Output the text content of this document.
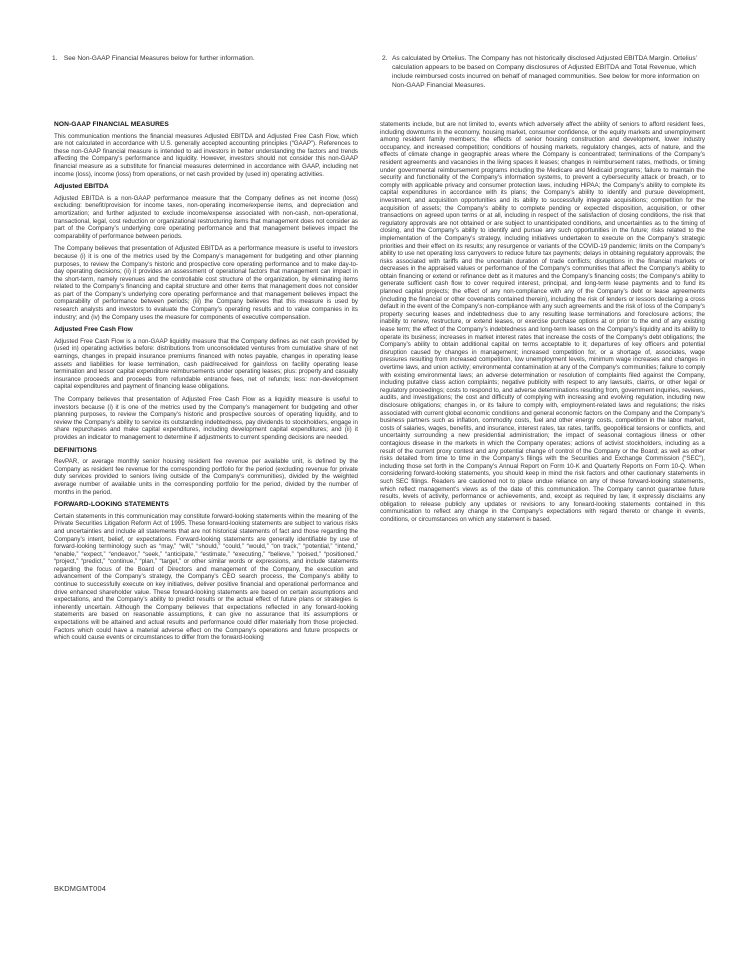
1. See Non-GAAP Financial Measures below for further information.	2. As calculated by Ortelius. The Company has not historically disclosed Adjusted EBITDA Margin. Ortelius’ calculation appears to be based on Company disclosures of Adjusted EBITDA and Total Revenue, which include reimbursed costs incurred on behalf of managed communities. See below for more information on Non-GAAP Financial Measures.
NON-GAAP FINANCIAL MEASURES
This communication mentions the financial measures Adjusted EBITDA and Adjusted Free Cash Flow, which are not calculated in accordance with U.S. generally accepted accounting principles (“GAAP”). References to these non-GAAP financial measure is intended to aid investors in better understanding the factors and trends affecting the Company’s performance and liquidity. However, investors should not consider this non-GAAP financial measure as a substitute for financial measures determined in accordance with GAAP, including net income (loss), income (loss) from operations, or net cash provided by (used in) operating activities.
Adjusted EBITDA
Adjusted EBITDA is a non-GAAP performance measure that the Company defines as net income (loss) excluding: benefit/provision for income taxes, non-operating income/expense items, and depreciation and amortization; and further adjusted to exclude income/expense associated with non-cash, non-operational, transactional, legal, cost reduction or organizational restructuring items that management does not consider as part of the Company’s underlying core operating performance and that management believes impact the comparability of performance between periods.
The Company believes that presentation of Adjusted EBITDA as a performance measure is useful to investors because (i) it is one of the metrics used by the Company’s management for budgeting and other planning purposes, to review the Company’s historic and prospective core operating performance and to make day-to-day operating decisions; (ii) it provides an assessment of operational factors that management can impact in the short-term, namely revenues and the controllable cost structure of the organization, by eliminating items related to the Company’s financing and capital structure and other items that management does not consider as part of the Company’s underlying core operating performance and that management believes impact the comparability of performance between periods; (iii) the Company believes that this measure is used by research analysts and investors to evaluate the Company’s operating results and to value companies in its industry; and (iv) the Company uses the measure for components of executive compensation.
Adjusted Free Cash Flow
Adjusted Free Cash Flow is a non-GAAP liquidity measure that the Company defines as net cash provided by (used in) operating activities before: distributions from unconsolidated ventures from cumulative share of net earnings, changes in prepaid insurance premiums financed with notes payable, changes in operating lease assets and liabilities for lease termination, cash paid/received for gain/loss on facility operating lease termination and lessor capital expenditure reimbursements under operating leases; plus: property and casualty insurance proceeds and proceeds from refundable entrance fees, net of refunds; less: non-development capital expenditures and payment of financing lease obligations.
The Company believes that presentation of Adjusted Free Cash Flow as a liquidity measure is useful to investors because (i) it is one of the metrics used by the Company’s management for budgeting and other planning purposes, to review the Company’s historic and prospective sources of operating liquidity, and to review the Company’s ability to service its outstanding indebtedness, pay dividends to stockholders, engage in share repurchases and make capital expenditures, including development capital expenditures; and (ii) it provides an indicator to management to determine if adjustments to current spending decisions are needed.
DEFINITIONS
RevPAR, or average monthly senior housing resident fee revenue per available unit, is defined by the Company as resident fee revenue for the corresponding portfolio for the period (excluding revenue for private duty services provided to seniors living outside of the Company’s communities), divided by the weighted average number of available units in the corresponding portfolio for the period, divided by the number of months in the period.
FORWARD-LOOKING STATEMENTS
Certain statements in this communication may constitute forward-looking statements within the meaning of the Private Securities Litigation Reform Act of 1995. These forward-looking statements are subject to various risks and uncertainties and include all statements that are not historical statements of fact and those regarding the Company’s intent, belief, or expectations. Forward-looking statements are generally identifiable by use of forward-looking terminology such as “may,” “will,” “should,” “could,” “would,” “on track,” “potential,” “intend,” “enable,” “expect,” “endeavor,” “seek,” “anticipate,” “estimate,” “executing,” “believe,” “poised,” “positioned,” “project,” “predict,” “continue,” “plan,” “target,” or other similar words or expressions, and include statements regarding the focus of the Board of Directors and management of the Company, the execution and advancement of the Company’s strategy, the Company’s CEO search process, the Company’s ability to continue to successfully execute on key initiatives, deliver positive financial and operational performance and drive enhanced shareholder value. These forward-looking statements are based on certain assumptions and expectations, and the Company’s ability to predict results or the actual effect of future plans or strategies is inherently uncertain. Although the Company believes that expectations reflected in any forward-looking statements are based on reasonable assumptions, it can give no assurance that its assumptions or expectations will be attained and actual results and performance could differ materially from those projected. Factors which could have a material adverse effect on the Company’s operations and future prospects or which could cause events or circumstances to differ from the forward-looking
statements include, but are not limited to, events which adversely affect the ability of seniors to afford resident fees, including downturns in the economy, housing market, consumer confidence, or the equity markets and unemployment among resident family members; the effects of senior housing construction and development, lower industry occupancy, and increased competition; conditions of housing markets, regulatory changes, acts of nature, and the effects of climate change in geographic areas where the Company is concentrated; terminations of the Company’s resident agreements and vacancies in the living spaces it leases; changes in reimbursement rates, methods, or timing under governmental reimbursement programs including the Medicare and Medicaid programs; failure to maintain the security and functionality of the Company’s information systems, to prevent a cybersecurity attack or breach, or to comply with applicable privacy and consumer protection laws, including HIPAA; the Company’s ability to complete its capital expenditures in accordance with its plans; the Company’s ability to identify and pursue development, investment, and acquisition opportunities and its ability to successfully integrate acquisitions; competition for the acquisition of assets; the Company’s ability to complete pending or expected disposition, acquisition, or other transactions on agreed upon terms or at all, including in respect of the satisfaction of closing conditions, the risk that regulatory approvals are not obtained or are subject to unanticipated conditions, and uncertainties as to the timing of closing, and the Company’s ability to identify and pursue any such opportunities in the future; risks related to the implementation of the Company’s strategy, including initiatives undertaken to execute on the Company’s strategic priorities and their effect on its results; any resurgence or variants of the COVID-19 pandemic; limits on the Company’s ability to use net operating loss carryovers to reduce future tax payments; delays in obtaining regulatory approvals; the risks associated with tariffs and the uncertain duration of trade conflicts; disruptions in the financial markets or decreases in the appraised values or performance of the Company’s communities that affect the Company’s ability to obtain financing or extend or refinance debt as it matures and the Company’s financing costs; the Company’s ability to generate sufficient cash flow to cover required interest, principal, and long-term lease payments and to fund its planned capital projects; the effect of any non-compliance with any of the Company’s debt or lease agreements (including the financial or other covenants contained therein), including the risk of lenders or lessors declaring a cross default in the event of the Company’s non-compliance with any such agreements and the risk of loss of the Company’s property securing leases and indebtedness due to any resulting lease terminations and foreclosure actions; the inability to renew, restructure, or extend leases, or exercise purchase options at or prior to the end of any existing lease term; the effect of the Company’s indebtedness and long-term leases on the Company’s liquidity and its ability to operate its business; increases in market interest rates that increase the costs of the Company’s debt obligations; the Company’s ability to obtain additional capital on terms acceptable to it; departures of key officers and potential disruption caused by changes in management; increased competition for, or a shortage of, associates, wage pressures resulting from increased competition, low unemployment levels, minimum wage increases and changes in overtime laws, and union activity; environmental contamination at any of the Company’s communities; failure to comply with existing environmental laws; an adverse determination or resolution of complaints filed against the Company, including putative class action complaints; negative publicity with respect to any lawsuits, claims, or other legal or regulatory proceedings; costs to respond to, and adverse determinations resulting from, government inquiries, reviews, audits, and investigations; the cost and difficulty of complying with increasing and evolving regulation, including new disclosure obligations; changes in, or its failure to comply with, employment-related laws and regulations; the risks associated with current global economic conditions and general economic factors on the Company and the Company’s business partners such as inflation, commodity costs, fuel and other energy costs, competition in the labor market, costs of salaries, wages, benefits, and insurance, interest rates, tax rates, tariffs, geopolitical tensions or conflicts, and uncertainty surrounding a new presidential administration; the impact of seasonal contagious illness or other contagious disease in the markets in which the Company operates; actions of activist stockholders, including as a result of the current proxy contest and any potential change of control of the Company or the Board; as well as other risks detailed from time to time in the Company’s filings with the Securities and Exchange Commission (“SEC”), including those set forth in the Company’s Annual Report on Form 10-K and Quarterly Reports on Form 10-Q. When considering forward-looking statements, you should keep in mind the risk factors and other cautionary statements in such SEC filings. Readers are cautioned not to place undue reliance on any of these forward-looking statements, which reflect management’s views as of the date of this communication. The Company cannot guarantee future results, levels of activity, performance or achievements, and, except as required by law, it expressly disclaims any obligation to release publicly any updates or revisions to any forward-looking statements contained in this communication to reflect any change in the Company’s expectations with regard thereto or change in events, conditions, or circumstances on which any statement is based.
BKDMGMT004
